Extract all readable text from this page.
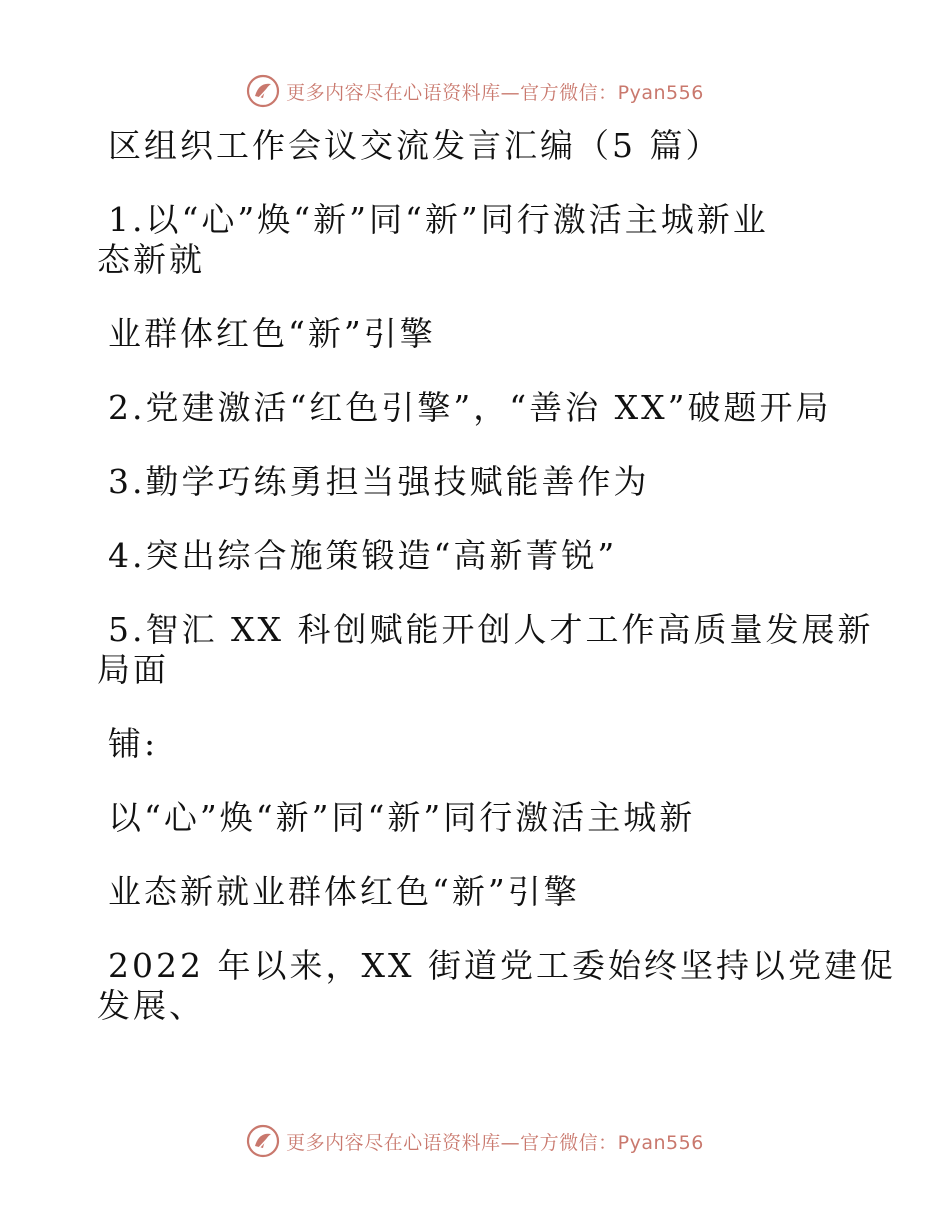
更多内容尽在心语资料库—官方微信：Pyan556

区组织工作会议交流发言汇编（5 篇）

1.以“心”焕“新”同“新”同行激活主城新业

态新就

业群体红色“新”引擎

2.党建激活“红色引擎”，“善治 XX”破题开局

3.勤学巧练勇担当强技赋能善作为

4.突出综合施策锻造“高新菁锐”

5.智汇 XX 科创赋能开创人才工作高质量发展新

局面

铺:

以“心”焕“新”同“新”同行激活主城新

业态新就业群体红色“新”引擎

2022 年以来，XX 街道党工委始终坚持以党建促

发展、

更多内容尽在心语资料库—官方微信：Pyan556
